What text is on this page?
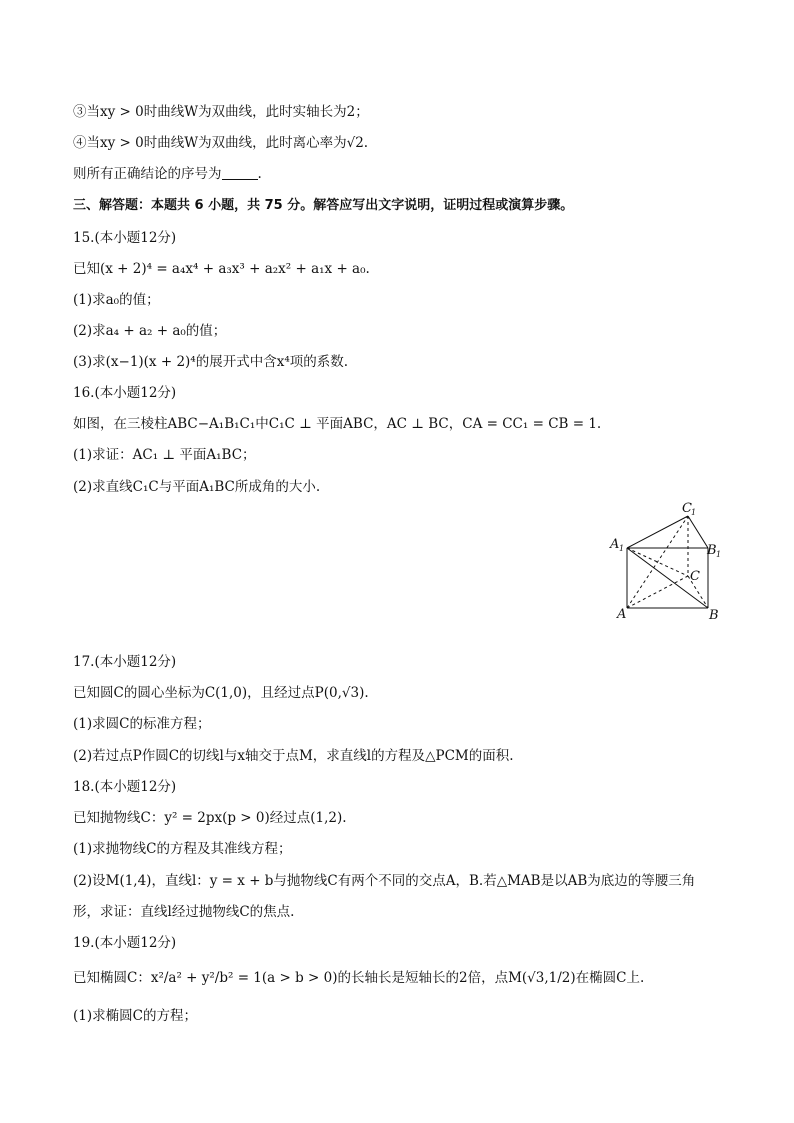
③当xy > 0时曲线W为双曲线，此时实轴长为2；
④当xy > 0时曲线W为双曲线，此时离心率为√2.
则所有正确结论的序号为	.
三、解答题：本题共 6 小题，共 75 分。解答应写出文字说明，证明过程或演算步骤。
15.(本小题12分)
已知(x + 2)⁴ = a₄x⁴ + a₃x³ + a₂x² + a₁x + a₀.
(1)求a₀的值；
(2)求a₄ + a₂ + a₀的值；
(3)求(x−1)(x + 2)⁴的展开式中含x⁴项的系数.
16.(本小题12分)
如图，在三棱柱ABC−A₁B₁C₁中C₁C ⊥ 平面ABC，AC ⊥ BC，CA = CC₁ = CB = 1.
(1)求证：AC₁ ⊥ 平面A₁BC；
(2)求直线C₁C与平面A₁BC所成角的大小.
C 1
A 1	B 1
C
A	B
17.(本小题12分)
已知圆C的圆心坐标为C(1,0)，且经过点P(0,√3).
(1)求圆C的标准方程；
(2)若过点P作圆C的切线l与x轴交于点M，求直线l的方程及△PCM的面积.
18.(本小题12分)
已知抛物线C：y² = 2px(p > 0)经过点(1,2).
(1)求抛物线C的方程及其准线方程；
(2)设M(1,4)，直线l：y = x + b与抛物线C有两个不同的交点A，B.若△MAB是以AB为底边的等腰三角
形，求证：直线l经过抛物线C的焦点.
19.(本小题12分)
已知椭圆C：x²/a² + y²/b² = 1(a > b > 0)的长轴长是短轴长的2倍，点M(√3,1/2)在椭圆C上.
(1)求椭圆C的方程；
